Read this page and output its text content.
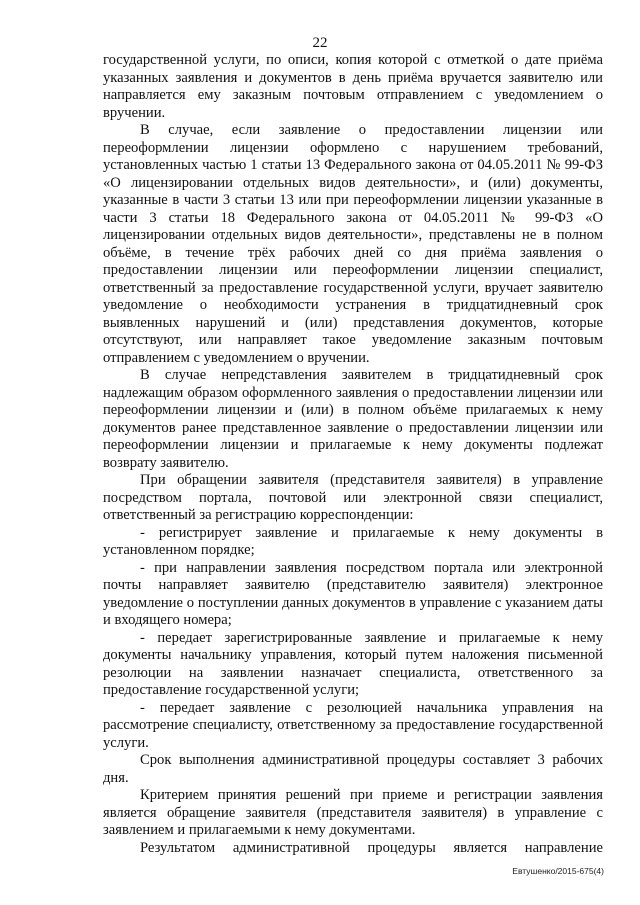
22

государственной услуги, по описи, копия которой с отметкой о дате приёма указанных заявления и документов в день приёма вручается заявителю или направляется ему заказным почтовым отправлением с уведомлением о вручении.

В случае, если заявление о предоставлении лицензии или переоформлении лицензии оформлено с нарушением требований, установленных частью 1 статьи 13 Федерального закона от 04.05.2011 № 99-ФЗ «О лицензировании отдельных видов деятельности», и (или) документы, указанные в части 3 статьи 13 или при переоформлении лицензии указанные в части 3 статьи 18 Федерального закона от 04.05.2011 № 99-ФЗ «О лицензировании отдельных видов деятельности», представлены не в полном объёме, в течение трёх рабочих дней со дня приёма заявления о предоставлении лицензии или переоформлении лицензии специалист, ответственный за предоставление государственной услуги, вручает заявителю уведомление о необходимости устранения в тридцатидневный срок выявленных нарушений и (или) представления документов, которые отсутствуют, или направляет такое уведомление заказным почтовым отправлением с уведомлением о вручении.

В случае непредставления заявителем в тридцатидневный срок надлежащим образом оформленного заявления о предоставлении лицензии или переоформлении лицензии и (или) в полном объёме прилагаемых к нему документов ранее представленное заявление о предоставлении лицензии или переоформлении лицензии и прилагаемые к нему документы подлежат возврату заявителю.

При обращении заявителя (представителя заявителя) в управление посредством портала, почтовой или электронной связи специалист, ответственный за регистрацию корреспонденции:

- регистрирует заявление и прилагаемые к нему документы в установленном порядке;

- при направлении заявления посредством портала или электронной почты направляет заявителю (представителю заявителя) электронное уведомление о поступлении данных документов в управление с указанием даты и входящего номера;

- передает зарегистрированные заявление и прилагаемые к нему документы начальнику управления, который путем наложения письменной резолюции на заявлении назначает специалиста, ответственного за предоставление государственной услуги;

- передает заявление с резолюцией начальника управления на рассмотрение специалисту, ответственному за предоставление государственной услуги.

Срок выполнения административной процедуры составляет 3 рабочих дня.

Критерием принятия решений при приеме и регистрации заявления является обращение заявителя (представителя заявителя) в управление с заявлением и прилагаемыми к нему документами.

Результатом административной процедуры является направление

Евтушенко/2015-675(4)
